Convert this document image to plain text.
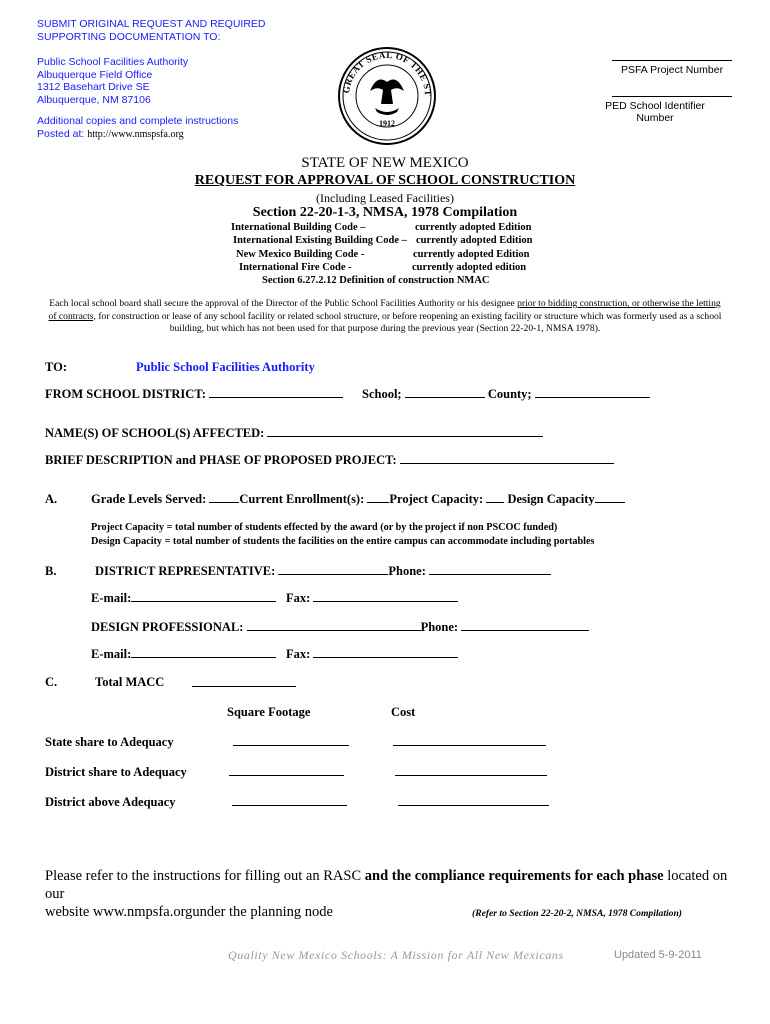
SUBMIT ORIGINAL REQUEST AND REQUIRED
SUPPORTING DOCUMENTATION TO:
Public School Facilities Authority
Albuquerque Field Office
1312 Basehart Drive SE
Albuquerque, NM 87106
Additional copies and complete instructions
Posted at: http://www.nmspsfa.org
GREAT SEAL OF THE ST
1912
PSFA Project Number
PED School Identifier
Number
STATE OF NEW MEXICO
REQUEST FOR APPROVAL OF SCHOOL CONSTRUCTION
(Including Leased Facilities)
Section 22-20-1-3, NMSA, 1978 Compilation
International Building Code –	currently adopted Edition
International Existing Building Code – currently adopted Edition
New Mexico Building Code -	currently adopted Edition
International Fire Code -	currently adopted edition
Section 6.27.2.12 Definition of construction NMAC
Each local school board shall secure the approval of the Director of the Public School Facilities Authority or his designee prior to bidding construction, or otherwise the letting
of contracts, for construction or lease of any school facility or related school structure, or before reopening an existing facility or structure which was formerly used as a school
building, but which has not been used for that purpose during the previous year (Section 22-20-1, NMSA 1978).
TO:	Public School Facilities Authority
FROM SCHOOL DISTRICT:	School;	County;
NAME(S) OF SCHOOL(S) AFFECTED:
BRIEF DESCRIPTION and PHASE OF PROPOSED PROJECT:
A.	Grade Levels Served:	Current Enrollment(s): Project Capacity: Design Capacity
Project Capacity = total number of students effected by the award (or by the project if non PSCOC funded)
Design Capacity = total number of students the facilities on the entire campus can accommodate including portables
B.	DISTRICT REPRESENTATIVE:	Phone:
E-mail:	Fax:
DESIGN PROFESSIONAL:	Phone:
E-mail:	Fax:
C.	Total MACC
Square Footage	Cost
State share to Adequacy
District share to Adequacy
District above Adequacy
Please refer to the instructions for filling out an RASC and the compliance requirements for each phase located on our
website www.nmpsfa.orgunder the planning node	(Refer to Section 22-20-2, NMSA, 1978 Compilation)
Quality New Mexico Schools: A Mission for All New Mexicans	Updated 5-9-2011
